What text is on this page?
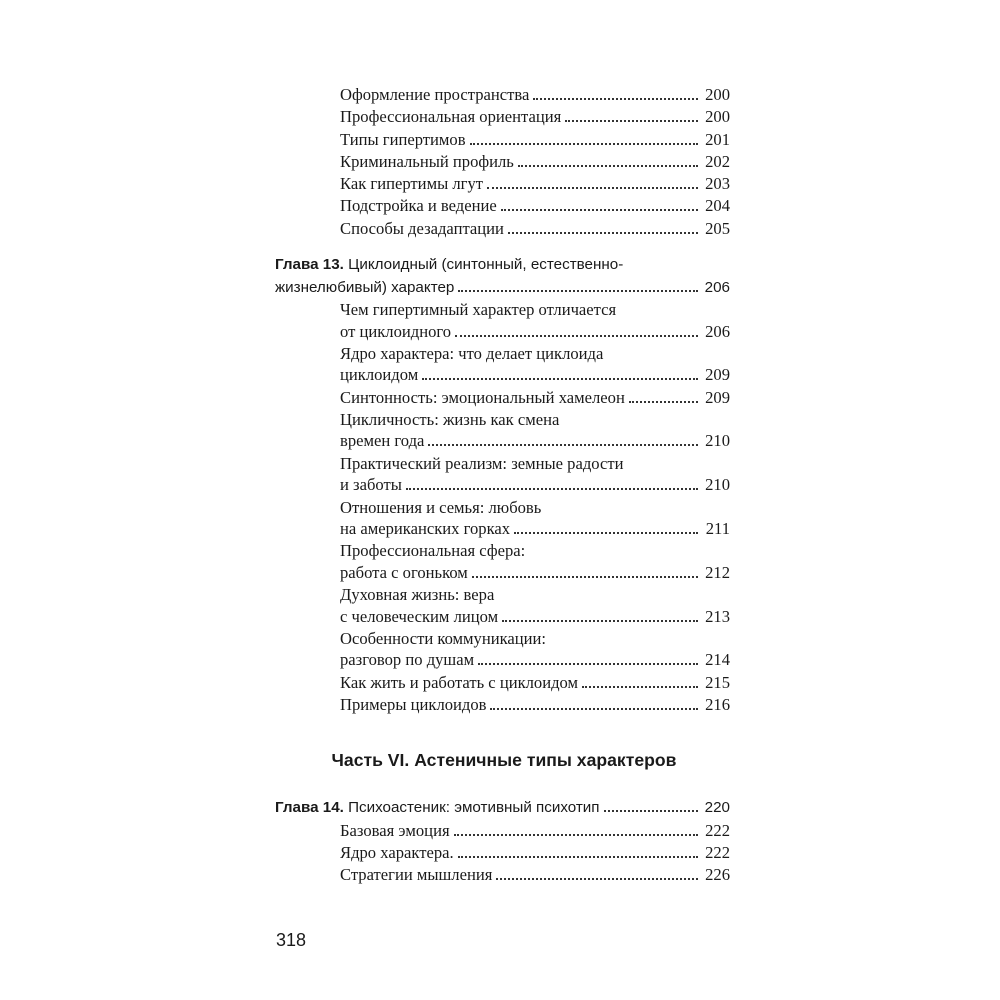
Оформление пространства	200
Профессиональная ориентация	200
Типы гипертимов	201
Криминальный профиль	202
Как гипертимы лгут	203
Подстройка и ведение	204
Способы дезадаптации	205
Глава 13. Циклоидный (синтонный, естественно-
жизнелюбивый) характер	206
Чем гипертимный характер отличается
от циклоидного	206
Ядро характера: что делает циклоида
циклоидом	209
Синтонность: эмоциональный хамелеон	209
Цикличность: жизнь как смена
времен года	210
Практический реализм: земные радости
и заботы	210
Отношения и семья: любовь
на американских горках	211
Профессиональная сфера:
работа с огоньком	212
Духовная жизнь: вера
с человеческим лицом	213
Особенности коммуникации:
разговор по душам	214
Как жить и работать с циклоидом	215
Примеры циклоидов	216
Часть VI. Астеничные типы характеров
Глава 14. Психоастеник: эмотивный психотип	220
Базовая эмоция	222
Ядро характера.	222
Стратегии мышления	226
318
